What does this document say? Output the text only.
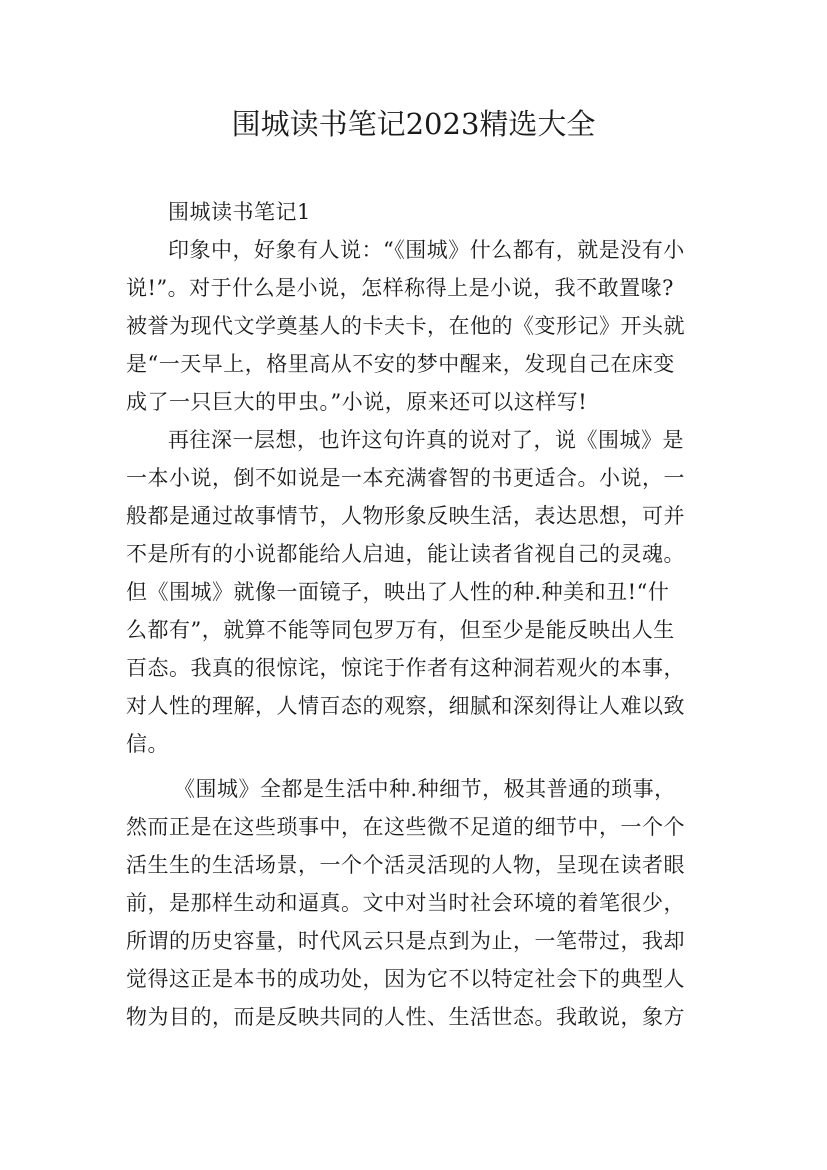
围城读书笔记2023精选大全
围城读书笔记1
印象中，好象有人说：“《围城》什么都有，就是没有小
说!”。对于什么是小说，怎样称得上是小说，我不敢置喙?
被誉为现代文学奠基人的卡夫卡，在他的《变形记》开头就
是“一天早上，格里高从不安的梦中醒来，发现自己在床变
成了一只巨大的甲虫。”小说，原来还可以这样写!
再往深一层想，也许这句许真的说对了，说《围城》是
一本小说，倒不如说是一本充满睿智的书更适合。小说，一
般都是通过故事情节，人物形象反映生活，表达思想，可并
不是所有的小说都能给人启迪，能让读者省视自己的灵魂。
但《围城》就像一面镜子，映出了人性的种.种美和丑!“什
么都有”，就算不能等同包罗万有，但至少是能反映出人生
百态。我真的很惊诧，惊诧于作者有这种洞若观火的本事，
对人性的理解，人情百态的观察，细腻和深刻得让人难以致
信。
《围城》全都是生活中种.种细节，极其普通的琐事，
然而正是在这些琐事中，在这些微不足道的细节中，一个个
活生生的生活场景，一个个活灵活现的人物，呈现在读者眼
前，是那样生动和逼真。文中对当时社会环境的着笔很少，
所谓的历史容量，时代风云只是点到为止，一笔带过，我却
觉得这正是本书的成功处，因为它不以特定社会下的典型人
物为目的，而是反映共同的人性、生活世态。我敢说，象方
